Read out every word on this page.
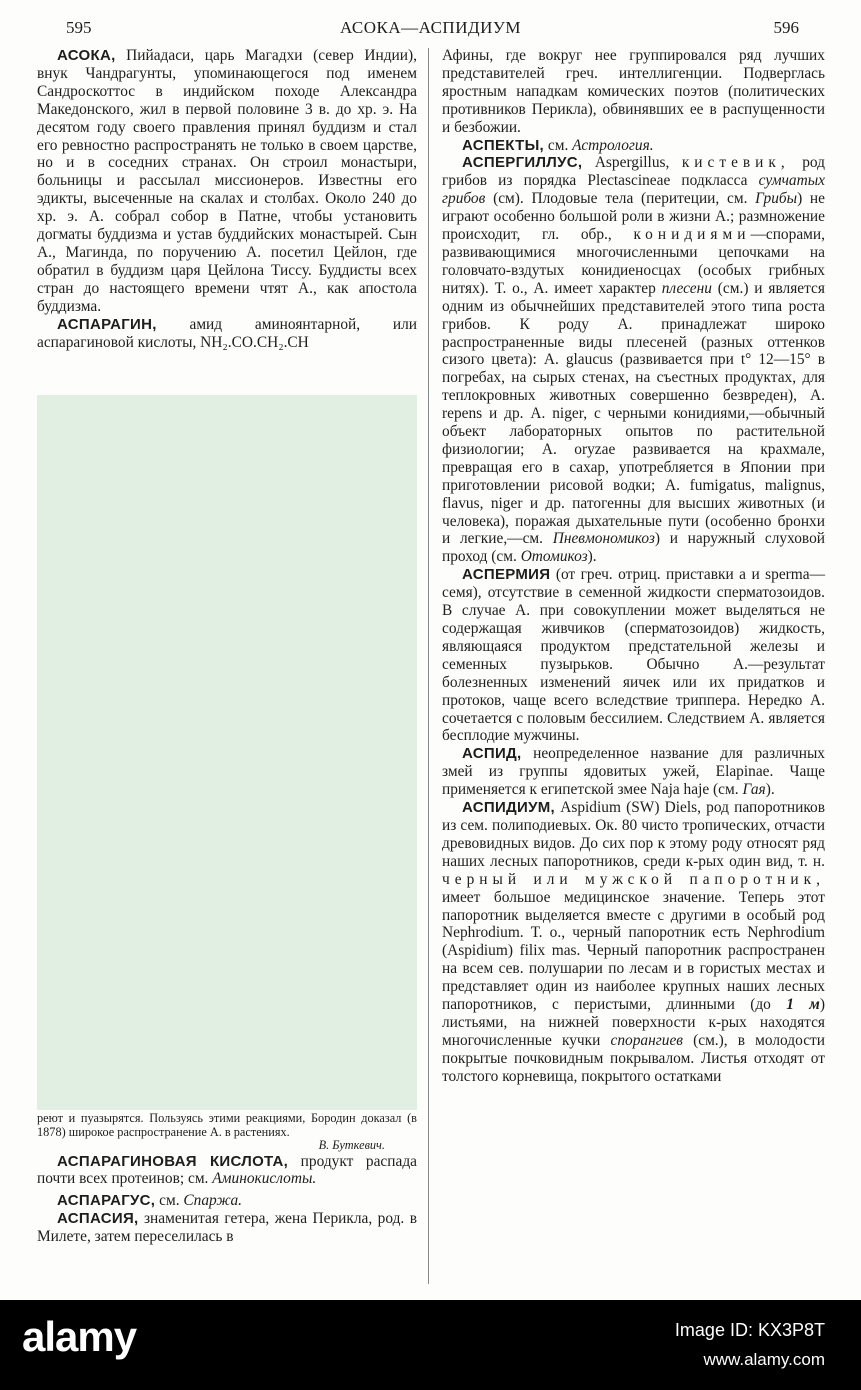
595	АСОКА—АСПИДИУМ	596

АСОКА, Пийадаси, царь Магадхи (север Индии), внук Чандрагунты, упоминающегося под именем Сандроскоттос в индийском походе Александра Македонского, жил в первой половине 3 в. до хр. э. На десятом году своего правления принял буддизм и стал его ревностно распространять не только в своем царстве, но и в соседних странах. Он строил монастыри, больницы и рассылал миссионеров. Известны его эдикты, высеченные на скалах и столбах. Около 240 до хр. э. А. собрал собор в Патне, чтобы установить догматы буддизма и устав буддийских монастырей. Сын А., Магинда, по поручению А. посетил Цейлон, где обратил в буддизм царя Цейлона Тиссу. Буддисты всех стран до настоящего времени чтят А., как апостола буддизма.

АСПАРАГИН, амид аминоянтарной, или аспарагиновой кислоты, NH₂.CO.CH₂.CH

реют и пуазырятся. Пользуясь этими реакциями, Бородин доказал (в 1878) широкое распространение А. в растениях.

В. Буткевич.

АСПАРАГИНОВАЯ КИСЛОТА, продукт распада почти всех протеинов; см. Аминокислоты.

АСПАРАГУС, см. Спаржа.

АСПАСИЯ, знаменитая гетера, жена Перикла, род. в Милете, затем переселилась в

Афины, где вокруг нее группировался ряд лучших представителей греч. интеллигенции. Подверглась яростным нападкам комических поэтов (политических противников Перикла), обвинявших ее в распущенности и безбожии.

АСПЕКТЫ, см. Астрология.

АСПЕРГИЛЛУС, Aspergillus, кистевик, род грибов из порядка Plectascineae подкласса сумчатых грибов (см). Плодовые тела (перитеции, см. Грибы) не играют особенно большой роли в жизни А.; размножение происходит, гл. обр., конидиями—спорами, развивающимися многочисленными цепочками на головчато-вздутых конидиеносцах (особых грибных нитях). Т. о., А. имеет характер плесени (см.) и является одним из обычнейших представителей этого типа роста грибов. К роду А. принадлежат широко распространенные виды плесеней (разных оттенков сизого цвета): A. glaucus (развивается при t° 12—15° в погребах, на сырых стенах, на съестных продуктах, для теплокровных животных совершенно безвреден), A. repens и др. A. niger, с черными конидиями,—обычный объект лабораторных опытов по растительной физиологии; A. oryzae развивается на крахмале, превращая его в сахар, употребляется в Японии при приготовлении рисовой водки; A. fumigatus, malignus, flavus, niger и др. патогенны для высших животных (и человека), поражая дыхательные пути (особенно бронхи и легкие,—см. Пневмономикоз) и наружный слуховой проход (см. Отомикоз).

АСПЕРМИЯ (от греч. отриц. приставки a и sperma—семя), отсутствие в семенной жидкости сперматозоидов. В случае А. при совокуплении может выделяться не содержащая живчиков (сперматозоидов) жидкость, являющаяся продуктом предстательной железы и семенных пузырьков. Обычно А.—результат болезненных изменений яичек или их придатков и протоков, чаще всего вследствие триппера. Нередко А. сочетается с половым бессилием. Следствием А. является бесплодие мужчины.

АСПИД, неопределенное название для различных змей из группы ядовитых ужей, Elapinae. Чаще применяется к египетской змее Naja haje (см. Гая).

АСПИДИУМ, Aspidium (SW) Diels, род папоротников из сем. полиподиевых. Ок. 80 чисто тропических, отчасти древовидных видов. До сих пор к этому роду относят ряд наших лесных папоротников, среди к-рых один вид, т. н. черный или мужской папоротник, имеет большое медицинское значение. Теперь этот папоротник выделяется вместе с другими в особый род Nephrodium. Т. о., черный папоротник есть Nephrodium (Aspidium) filix mas. Черный папоротник распространен на всем сев. полушарии по лесам и в гористых местах и представляет один из наиболее крупных наших лесных папоротников, с перистыми, длинными (до 1 м) листьями, на нижней поверхности к-рых находятся многочисленные кучки спорангиев (см.), в молодости покрытые почковидным покрывалом. Листья отходят от толстого корневища, покрытого остатками

alamy	Image ID: KX3P8T
www.alamy.com
